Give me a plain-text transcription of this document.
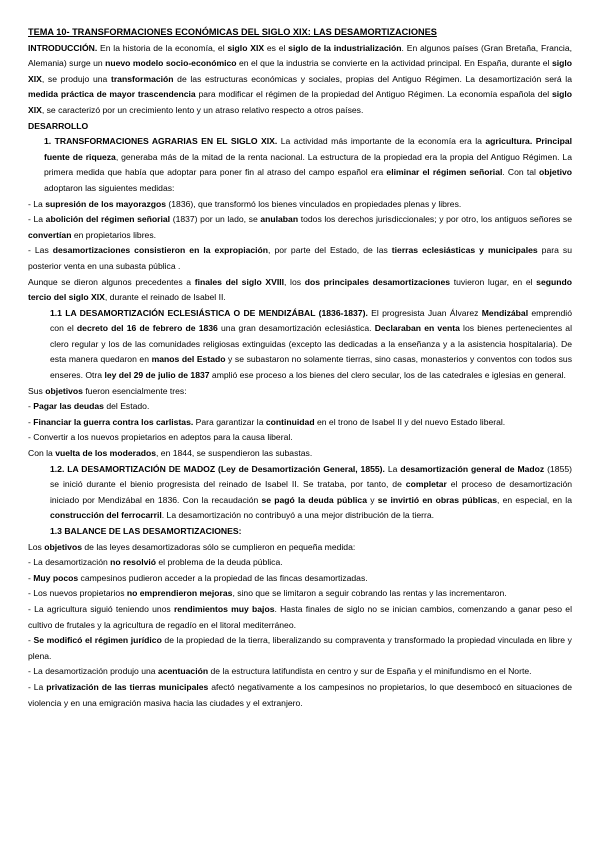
TEMA 10- TRANSFORMACIONES ECONÓMICAS DEL SIGLO XIX: LAS DESAMORTIZACIONES

INTRODUCCIÓN. En la historia de la economía, el siglo XIX es el siglo de la industrialización. En algunos países (Gran Bretaña, Francia, Alemania) surge un nuevo modelo socio-económico en el que la industria se convierte en la actividad principal. En España, durante el siglo XIX, se produjo una transformación de las estructuras económicas y sociales, propias del Antiguo Régimen. La desamortización será la medida práctica de mayor trascendencia para modificar el régimen de la propiedad del Antiguo Régimen. La economía española del siglo XIX, se caracterizó por un crecimiento lento y un atraso relativo respecto a otros países.

DESARROLLO

1. TRANSFORMACIONES AGRARIAS EN EL SIGLO XIX. La actividad más importante de la economía era la agricultura. Principal fuente de riqueza, generaba más de la mitad de la renta nacional. La estructura de la propiedad era la propia del Antiguo Régimen. La primera medida que había que adoptar para poner fin al atraso del campo español era eliminar el régimen señorial. Con tal objetivo adoptaron las siguientes medidas:

- La supresión de los mayorazgos (1836), que transformó los bienes vinculados en propiedades plenas y libres.

- La abolición del régimen señorial (1837) por un lado, se anulaban todos los derechos jurisdiccionales; y por otro, los antiguos señores se convertían en propietarios libres.

- Las desamortizaciones consistieron en la expropiación, por parte del Estado, de las tierras eclesiásticas y municipales para su posterior venta en una subasta pública .

Aunque se dieron algunos precedentes a finales del siglo XVIII, los dos principales desamortizaciones tuvieron lugar, en el segundo tercio del siglo XIX, durante el reinado de Isabel II.

1.1 LA DESAMORTIZACIÓN ECLESIÁSTICA O DE MENDIZÁBAL (1836-1837). El progresista Juan Álvarez Mendizábal emprendió con el decreto del 16 de febrero de 1836 una gran desamortización eclesiástica. Declaraban en venta los bienes pertenecientes al clero regular y los de las comunidades religiosas extinguidas (excepto las dedicadas a la enseñanza y a la asistencia hospitalaria). De esta manera quedaron en manos del Estado y se subastaron no solamente tierras, sino casas, monasterios y conventos con todos sus enseres. Otra ley del 29 de julio de 1837 amplió ese proceso a los bienes del clero secular, los de las catedrales e iglesias en general.

Sus objetivos fueron esencialmente tres:

- Pagar las deudas del Estado.

- Financiar la guerra contra los carlistas. Para garantizar la continuidad en el trono de Isabel II y del nuevo Estado liberal.

- Convertir a los nuevos propietarios en adeptos para la causa liberal.

Con la vuelta de los moderados, en 1844, se suspendieron las subastas.

1.2. LA DESAMORTIZACIÓN DE MADOZ (Ley de Desamortización General, 1855). La desamortización general de Madoz (1855) se inició durante el bienio progresista del reinado de Isabel II. Se trataba, por tanto, de completar el proceso de desamortización iniciado por Mendizábal en 1836. Con la recaudación se pagó la deuda pública y se invirtió en obras públicas, en especial, en la construcción del ferrocarril. La desamortización no contribuyó a una mejor distribución de la tierra.

1.3 BALANCE DE LAS DESAMORTIZACIONES:

Los objetivos de las leyes desamortizadoras sólo se cumplieron en pequeña medida:

- La desamortización no resolvió el problema de la deuda pública.

- Muy pocos campesinos pudieron acceder a la propiedad de las fincas desamortizadas.

- Los nuevos propietarios no emprendieron mejoras, sino que se limitaron a seguir cobrando las rentas y las incrementaron.

- La agricultura siguió teniendo unos rendimientos muy bajos. Hasta finales de siglo no se inician cambios, comenzando a ganar peso el cultivo de frutales y la agricultura de regadío en el litoral mediterráneo.

- Se modificó el régimen jurídico de la propiedad de la tierra, liberalizando su compraventa y transformado la propiedad vinculada en libre y plena.

- La desamortización produjo una acentuación de la estructura latifundista en centro y sur de España y el minifundismo en el Norte.

- La privatización de las tierras municipales afectó negativamente a los campesinos no propietarios, lo que desembocó en situaciones de violencia y en una emigración masiva hacia las ciudades y el extranjero.
